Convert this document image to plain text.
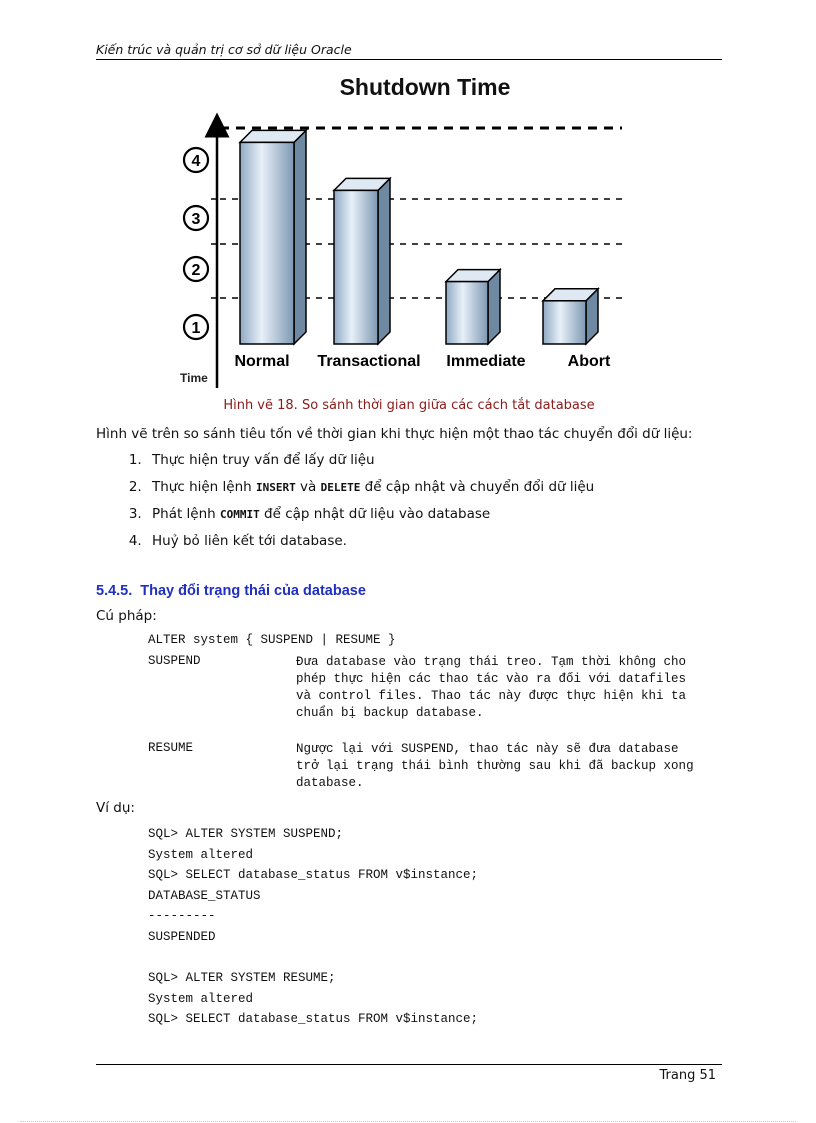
Kiến trúc và quản trị cơ sở dữ liệu Oracle
Shutdown Time
1
2
3
4
Normal Transactional Immediate	Abort
Time
Hình vẽ 18. So sánh thời gian giữa các cách tắt database
Hình vẽ trên so sánh tiêu tốn về thời gian khi thực hiện một thao tác chuyển đổi dữ liệu:
1. Thực hiện truy vấn để lấy dữ liệu
2. Thực hiện lệnh INSERT và DELETE để cập nhật và chuyển đổi dữ liệu
3. Phát lệnh COMMIT để cập nhật dữ liệu vào database
4. Huỷ bỏ liên kết tới database.
5.4.5. Thay đổi trạng thái của database
Cú pháp:
ALTER system { SUSPEND | RESUME }
SUSPEND	Đưa database vào trạng thái treo. Tạm thời không cho phép thực hiện các thao tác vào ra đối với datafiles và control files. Thao tác này được thực hiện khi ta chuẩn bị backup database.
RESUME	Ngược lại với SUSPEND, thao tác này sẽ đưa database trở lại trạng thái bình thường sau khi đã backup xong database.
Ví dụ:
SQL> ALTER SYSTEM SUSPEND;
System altered
SQL> SELECT database_status FROM v$instance;
DATABASE_STATUS
---------
SUSPENDED

SQL> ALTER SYSTEM RESUME;
System altered
SQL> SELECT database_status FROM v$instance;
Trang 51
